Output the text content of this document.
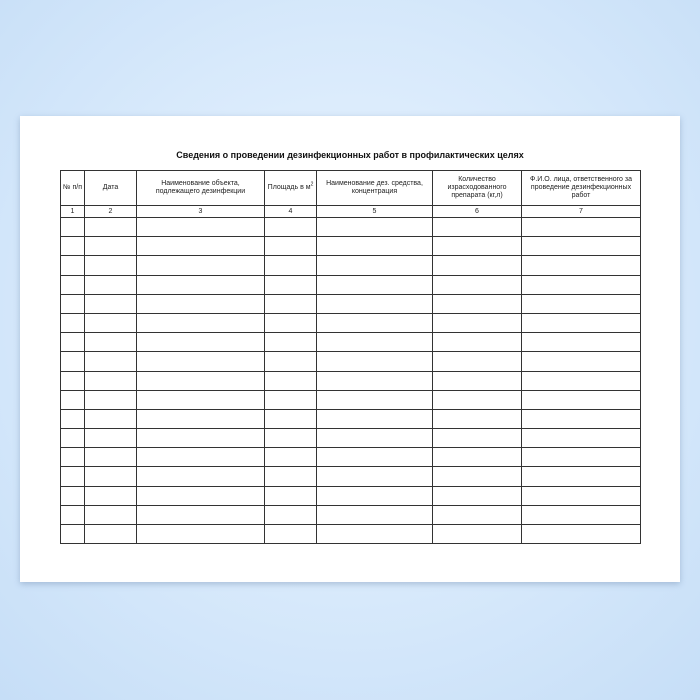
Сведения о проведении дезинфекционных работ в профилактических целях
№ п/п	Дата	Наименование объекта, подлежащего дезинфекции	Площадь в $м^2$	Наименование дез. средства, концентрация	Количество израсходованного препарата (кг,л)	Ф.И.О. лица, ответственного за проведение дезинфекционных работ
1	2	3	4	5	6	7
